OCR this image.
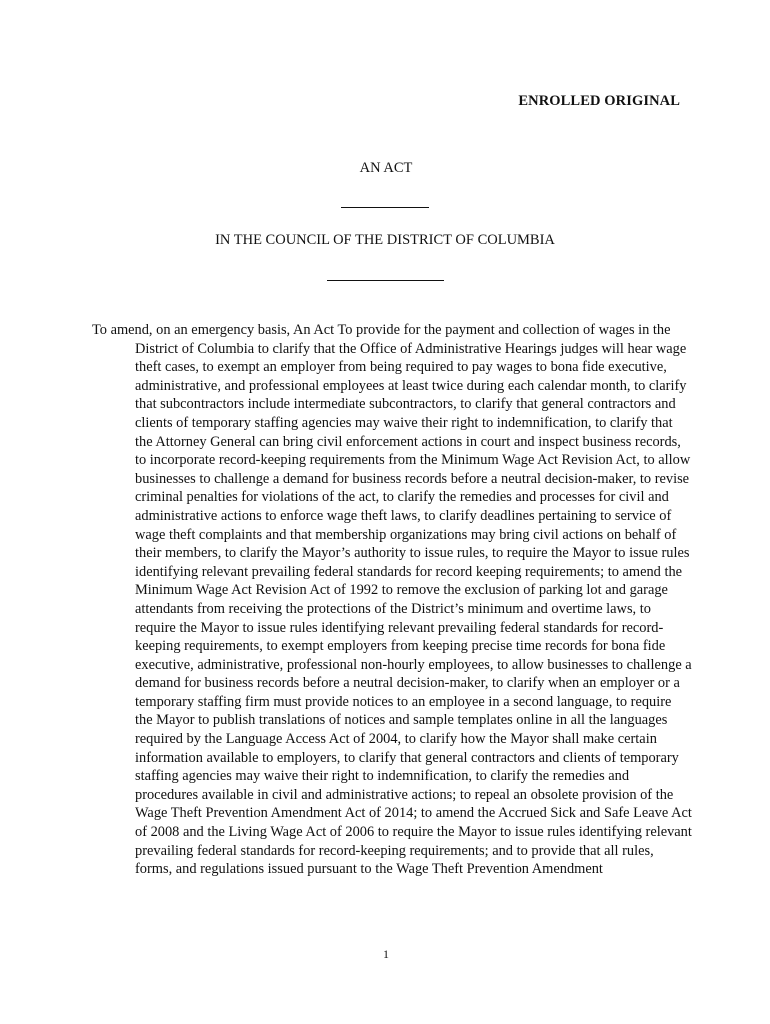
ENROLLED ORIGINAL
AN ACT
IN THE COUNCIL OF THE DISTRICT OF COLUMBIA

To amend, on an emergency basis, An Act To provide for the payment and collection of wages in the District of Columbia to clarify that the Office of Administrative Hearings judges will hear wage theft cases, to exempt an employer from being required to pay wages to bona fide executive, administrative, and professional employees at least twice during each calendar month, to clarify that subcontractors include intermediate subcontractors, to clarify that general contractors and clients of temporary staffing agencies may waive their right to indemnification, to clarify that the Attorney General can bring civil enforcement actions in court and inspect business records, to incorporate record-keeping requirements from the Minimum Wage Act Revision Act, to allow businesses to challenge a demand for business records before a neutral decision-maker, to revise criminal penalties for violations of the act, to clarify the remedies and processes for civil and administrative actions to enforce wage theft laws, to clarify deadlines pertaining to service of wage theft complaints and that membership organizations may bring civil actions on behalf of their members, to clarify the Mayor’s authority to issue rules, to require the Mayor to issue rules identifying relevant prevailing federal standards for record keeping requirements; to amend the Minimum Wage Act Revision Act of 1992 to remove the exclusion of parking lot and garage attendants from receiving the protections of the District’s minimum and overtime laws, to require the Mayor to issue rules identifying relevant prevailing federal standards for record-keeping requirements, to exempt employers from keeping precise time records for bona fide executive, administrative, professional non-hourly employees, to allow businesses to challenge a demand for business records before a neutral decision-maker, to clarify when an employer or a temporary staffing firm must provide notices to an employee in a second language, to require the Mayor to publish translations of notices and sample templates online in all the languages required by the Language Access Act of 2004, to clarify how the Mayor shall make certain information available to employers, to clarify that general contractors and clients of temporary staffing agencies may waive their right to indemnification, to clarify the remedies and procedures available in civil and administrative actions; to repeal an obsolete provision of the Wage Theft Prevention Amendment Act of 2014; to amend the Accrued Sick and Safe Leave Act of 2008 and the Living Wage Act of 2006 to require the Mayor to issue rules identifying relevant prevailing federal standards for record-keeping requirements; and to provide that all rules, forms, and regulations issued pursuant to the Wage Theft Prevention Amendment

1
